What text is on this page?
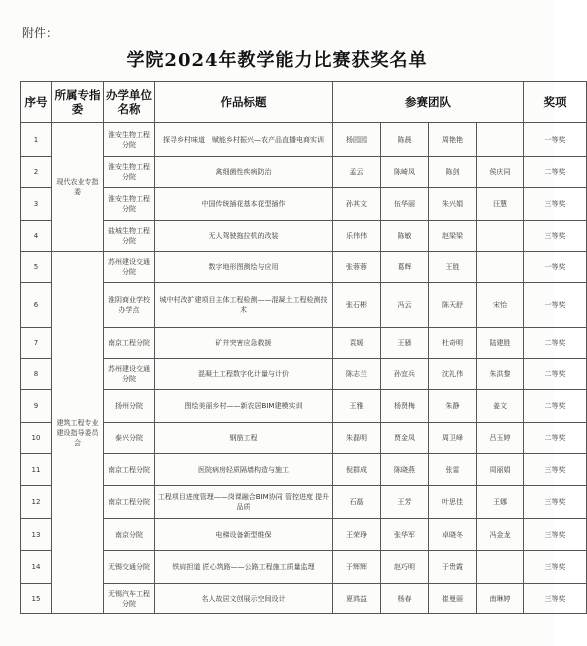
附件：
学院2024年教学能力比赛获奖名单
序号	所属专指委	办学单位名称	作品标题	参赛团队				奖项
1	现代农业专指委	淮安生物工程分院	探寻乡村味道　赋能乡村振兴—农产品直播电商实训	杨园园	陈晨	周艳艳		一等奖
2		淮安生物工程分院	禽细菌性疾病防治	孟云	陈崎凤	陈剑	侯庆同	二等奖
3		淮安生物工程分院	中国传统插花基本花型插作	孙其文	伍华丽	朱兴娟	汪慧	三等奖
4		盐城生物工程分院	无人驾驶拖拉机的改装	乐伟伟	陈敏	赵梁梁		三等奖
5	建筑工程专业建设指导委员会	苏州建设交通分院	数字地形图测绘与应用	张蓉蓉	葛辉	王胜		一等奖
6		淮阴商业学校办学点	城中村改扩建项目主体工程检测——混凝土工程检测技术	张石彬	冯云	陈天舒	宋怡	一等奖
7		南京工程分院	矿井突害应急救援	袁媛	王骚	杜奇明	陆建胜	二等奖
8		苏州建设交通分院	混凝土工程数字化计量与计价	陈志兰	孙宜兵	沈礼伟	朱洪黎	二等奖
9		扬州分院	图绘美丽乡村——新农居BIM建模实训	王雅	杨贤梅	朱静	姜文	二等奖
10		泰兴分院	钢筋工程	朱磊明	贾金凤	周卫峰	吕玉婷	二等奖
11		南京工程分院	医院病房轻质隔墙构造与施工	倪群成	陈晓燕	张雷	周丽娟	三等奖
12		南京工程分院	工程项目进度管理——岗课融合BIM协同 管控进度 提升品质	石磊	王芳	叶思佳	王娜	三等奖
13		南京分院	电梯设备新型维保	王荣琤	张华军	卓晓冬	冯金龙	三等奖
14		无锡交通分院	铁肩担道 匠心筑路——公路工程施工质量监理	于辉辉	赵巧明	于贵霞		三等奖
15		无锡汽车工程分院	名人故居文创展示空间设计	夏鸿益	杨春	崔曼丽	南琳婷	三等奖
